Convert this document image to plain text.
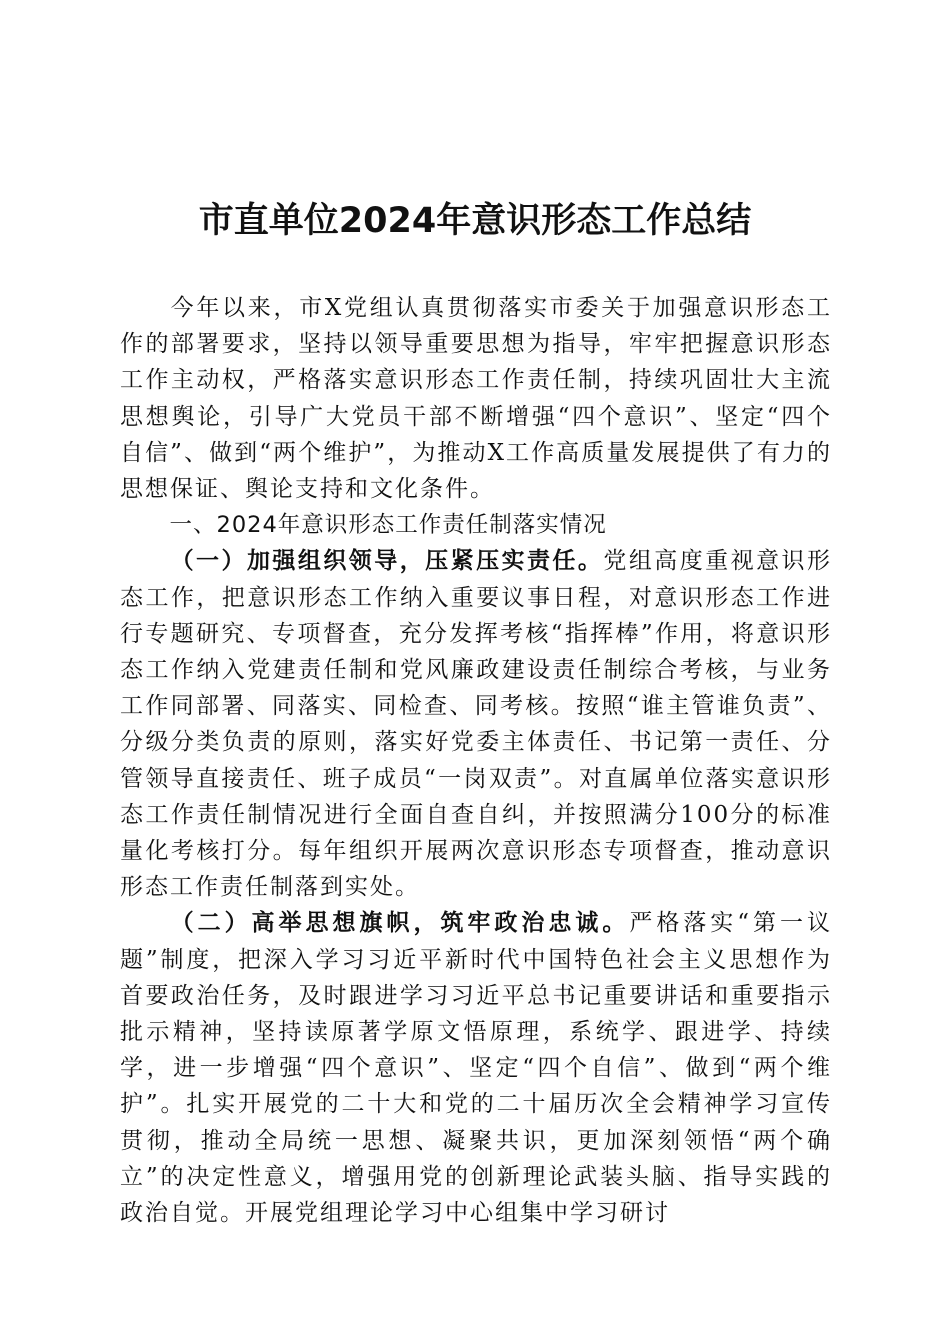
市直单位2024年意识形态工作总结

今年以来，市X党组认真贯彻落实市委关于加强意识形态工作的部署要求，坚持以领导重要思想为指导，牢牢把握意识形态工作主动权，严格落实意识形态工作责任制，持续巩固壮大主流思想舆论，引导广大党员干部不断增强“四个意识”、坚定“四个自信”、做到“两个维护”，为推动X工作高质量发展提供了有力的思想保证、舆论支持和文化条件。

一、2024年意识形态工作责任制落实情况

（一）加强组织领导，压紧压实责任。党组高度重视意识形态工作，把意识形态工作纳入重要议事日程，对意识形态工作进行专题研究、专项督查，充分发挥考核“指挥棒”作用，将意识形态工作纳入党建责任制和党风廉政建设责任制综合考核，与业务工作同部署、同落实、同检查、同考核。按照“谁主管谁负责”、分级分类负责的原则，落实好党委主体责任、书记第一责任、分管领导直接责任、班子成员“一岗双责”。对直属单位落实意识形态工作责任制情况进行全面自查自纠，并按照满分100分的标准量化考核打分。每年组织开展两次意识形态专项督查，推动意识形态工作责任制落到实处。

（二）高举思想旗帜，筑牢政治忠诚。严格落实“第一议题”制度，把深入学习习近平新时代中国特色社会主义思想作为首要政治任务，及时跟进学习习近平总书记重要讲话和重要指示批示精神，坚持读原著学原文悟原理，系统学、跟进学、持续学，进一步增强“四个意识”、坚定“四个自信”、做到“两个维护”。扎实开展党的二十大和党的二十届历次全会精神学习宣传贯彻，推动全局统一思想、凝聚共识，更加深刻领悟“两个确立”的决定性意义，增强用党的创新理论武装头脑、指导实践的政治自觉。开展党组理论学习中心组集中学习研讨
